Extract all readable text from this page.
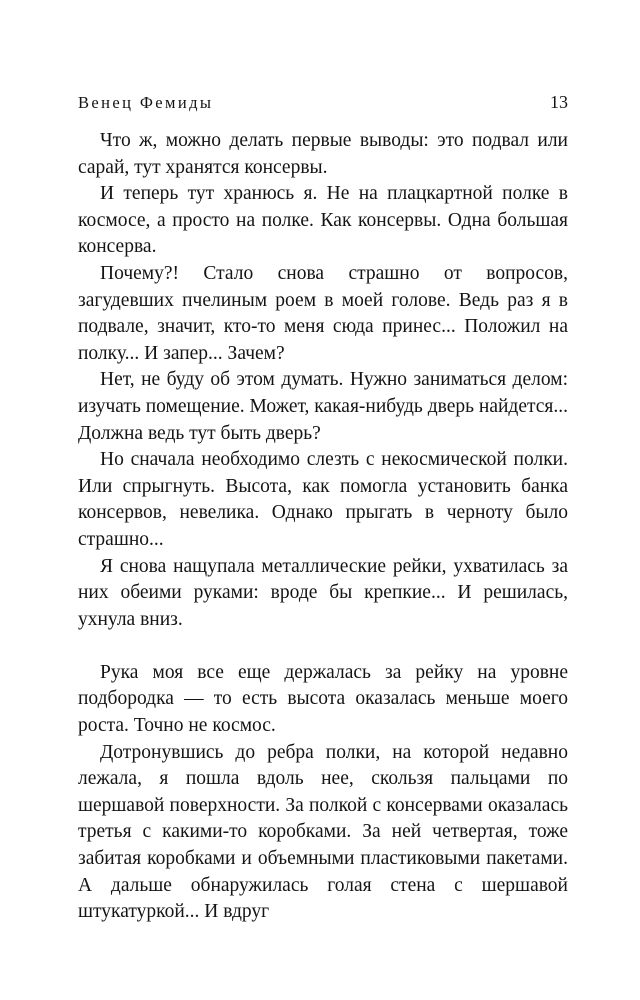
Венец Фемиды	13

Что ж, можно делать первые выводы: это подвал или сарай, тут хранятся консервы.

И теперь тут хранюсь я. Не на плацкартной полке в космосе, а просто на полке. Как консервы. Одна большая консерва.

Почему?! Стало снова страшно от вопросов, загудевших пчелиным роем в моей голове. Ведь раз я в подвале, значит, кто-то меня сюда принес... Положил на полку... И запер... Зачем?

Нет, не буду об этом думать. Нужно заниматься делом: изучать помещение. Может, какая-нибудь дверь найдется... Должна ведь тут быть дверь?

Но сначала необходимо слезть с некосмической полки. Или спрыгнуть. Высота, как помогла установить банка консервов, невелика. Однако прыгать в черноту было страшно...

Я снова нащупала металлические рейки, ухватилась за них обеими руками: вроде бы крепкие... И решилась, ухнула вниз.

Рука моя все еще держалась за рейку на уровне подбородка — то есть высота оказалась меньше моего роста. Точно не космос.

Дотронувшись до ребра полки, на которой недавно лежала, я пошла вдоль нее, скользя пальцами по шершавой поверхности. За полкой с консервами оказалась третья с какими-то коробками. За ней четвертая, тоже забитая коробками и объемными пластиковыми пакетами. А дальше обнаружилась голая стена с шершавой штукатуркой... И вдруг
